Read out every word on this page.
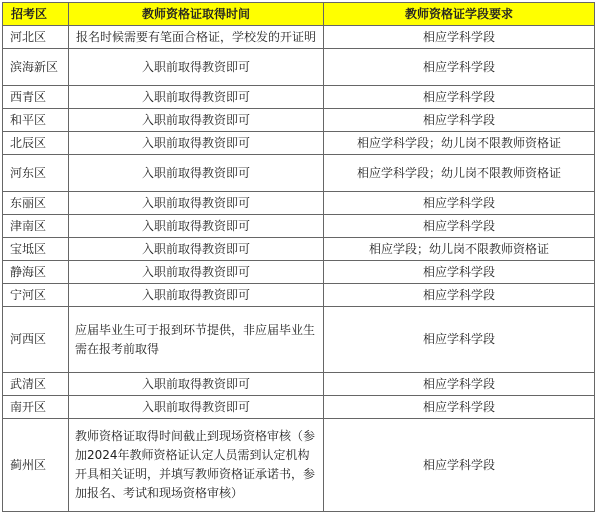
招考区	教师资格证取得时间	教师资格证学段要求
河北区	报名时候需要有笔面合格证，学校发的开证明	相应学科学段
滨海新区	入职前取得教资即可	相应学科学段
西青区	入职前取得教资即可	相应学科学段
和平区	入职前取得教资即可	相应学科学段
北辰区	入职前取得教资即可	相应学科学段；幼儿岗不限教师资格证
河东区	入职前取得教资即可	相应学科学段；幼儿岗不限教师资格证
东丽区	入职前取得教资即可	相应学科学段
津南区	入职前取得教资即可	相应学科学段
宝坻区	入职前取得教资即可	相应学段；幼儿岗不限教师资格证
静海区	入职前取得教资即可	相应学科学段
宁河区	入职前取得教资即可	相应学科学段
河西区	应届毕业生可于报到环节提供，非应届毕业生需在报考前取得	相应学科学段
武清区	入职前取得教资即可	相应学科学段
南开区	入职前取得教资即可	相应学科学段
蓟州区	教师资格证取得时间截止到现场资格审核（参加2024年教师资格证认定人员需到认定机构开具相关证明，并填写教师资格证承诺书，参加报名、考试和现场资格审核）	相应学科学段
